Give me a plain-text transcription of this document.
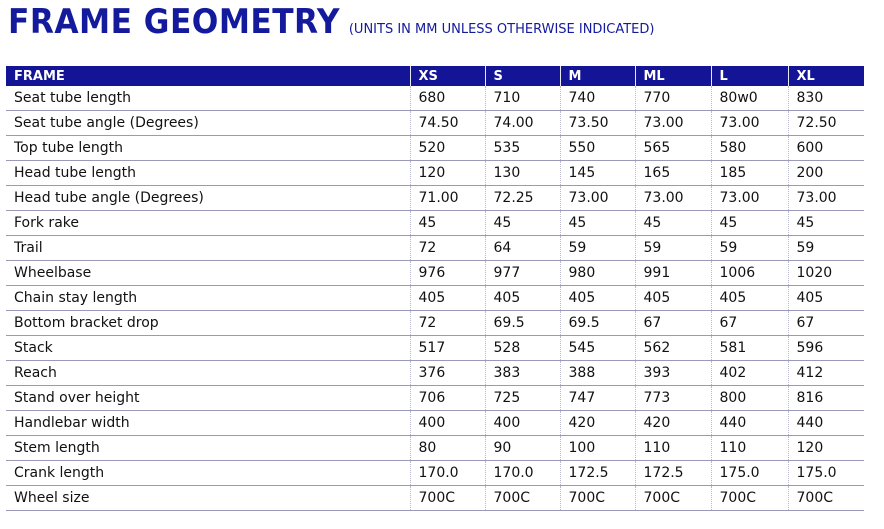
FRAME GEOMETRY (UNITS IN MM UNLESS OTHERWISE INDICATED)
FRAME	XS	S	M	ML	L	XL
Seat tube length	680	710	740	770	80w0	830
Seat tube angle (Degrees)	74.50	74.00	73.50	73.00	73.00	72.50
Top tube length	520	535	550	565	580	600
Head tube length	120	130	145	165	185	200
Head tube angle (Degrees)	71.00	72.25	73.00	73.00	73.00	73.00
Fork rake	45	45	45	45	45	45
Trail	72	64	59	59	59	59
Wheelbase	976	977	980	991	1006	1020
Chain stay length	405	405	405	405	405	405
Bottom bracket drop	72	69.5	69.5	67	67	67
Stack	517	528	545	562	581	596
Reach	376	383	388	393	402	412
Stand over height	706	725	747	773	800	816
Handlebar width	400	400	420	420	440	440
Stem length	80	90	100	110	110	120
Crank length	170.0	170.0	172.5	172.5	175.0	175.0
Wheel size	700C	700C	700C	700C	700C	700C
